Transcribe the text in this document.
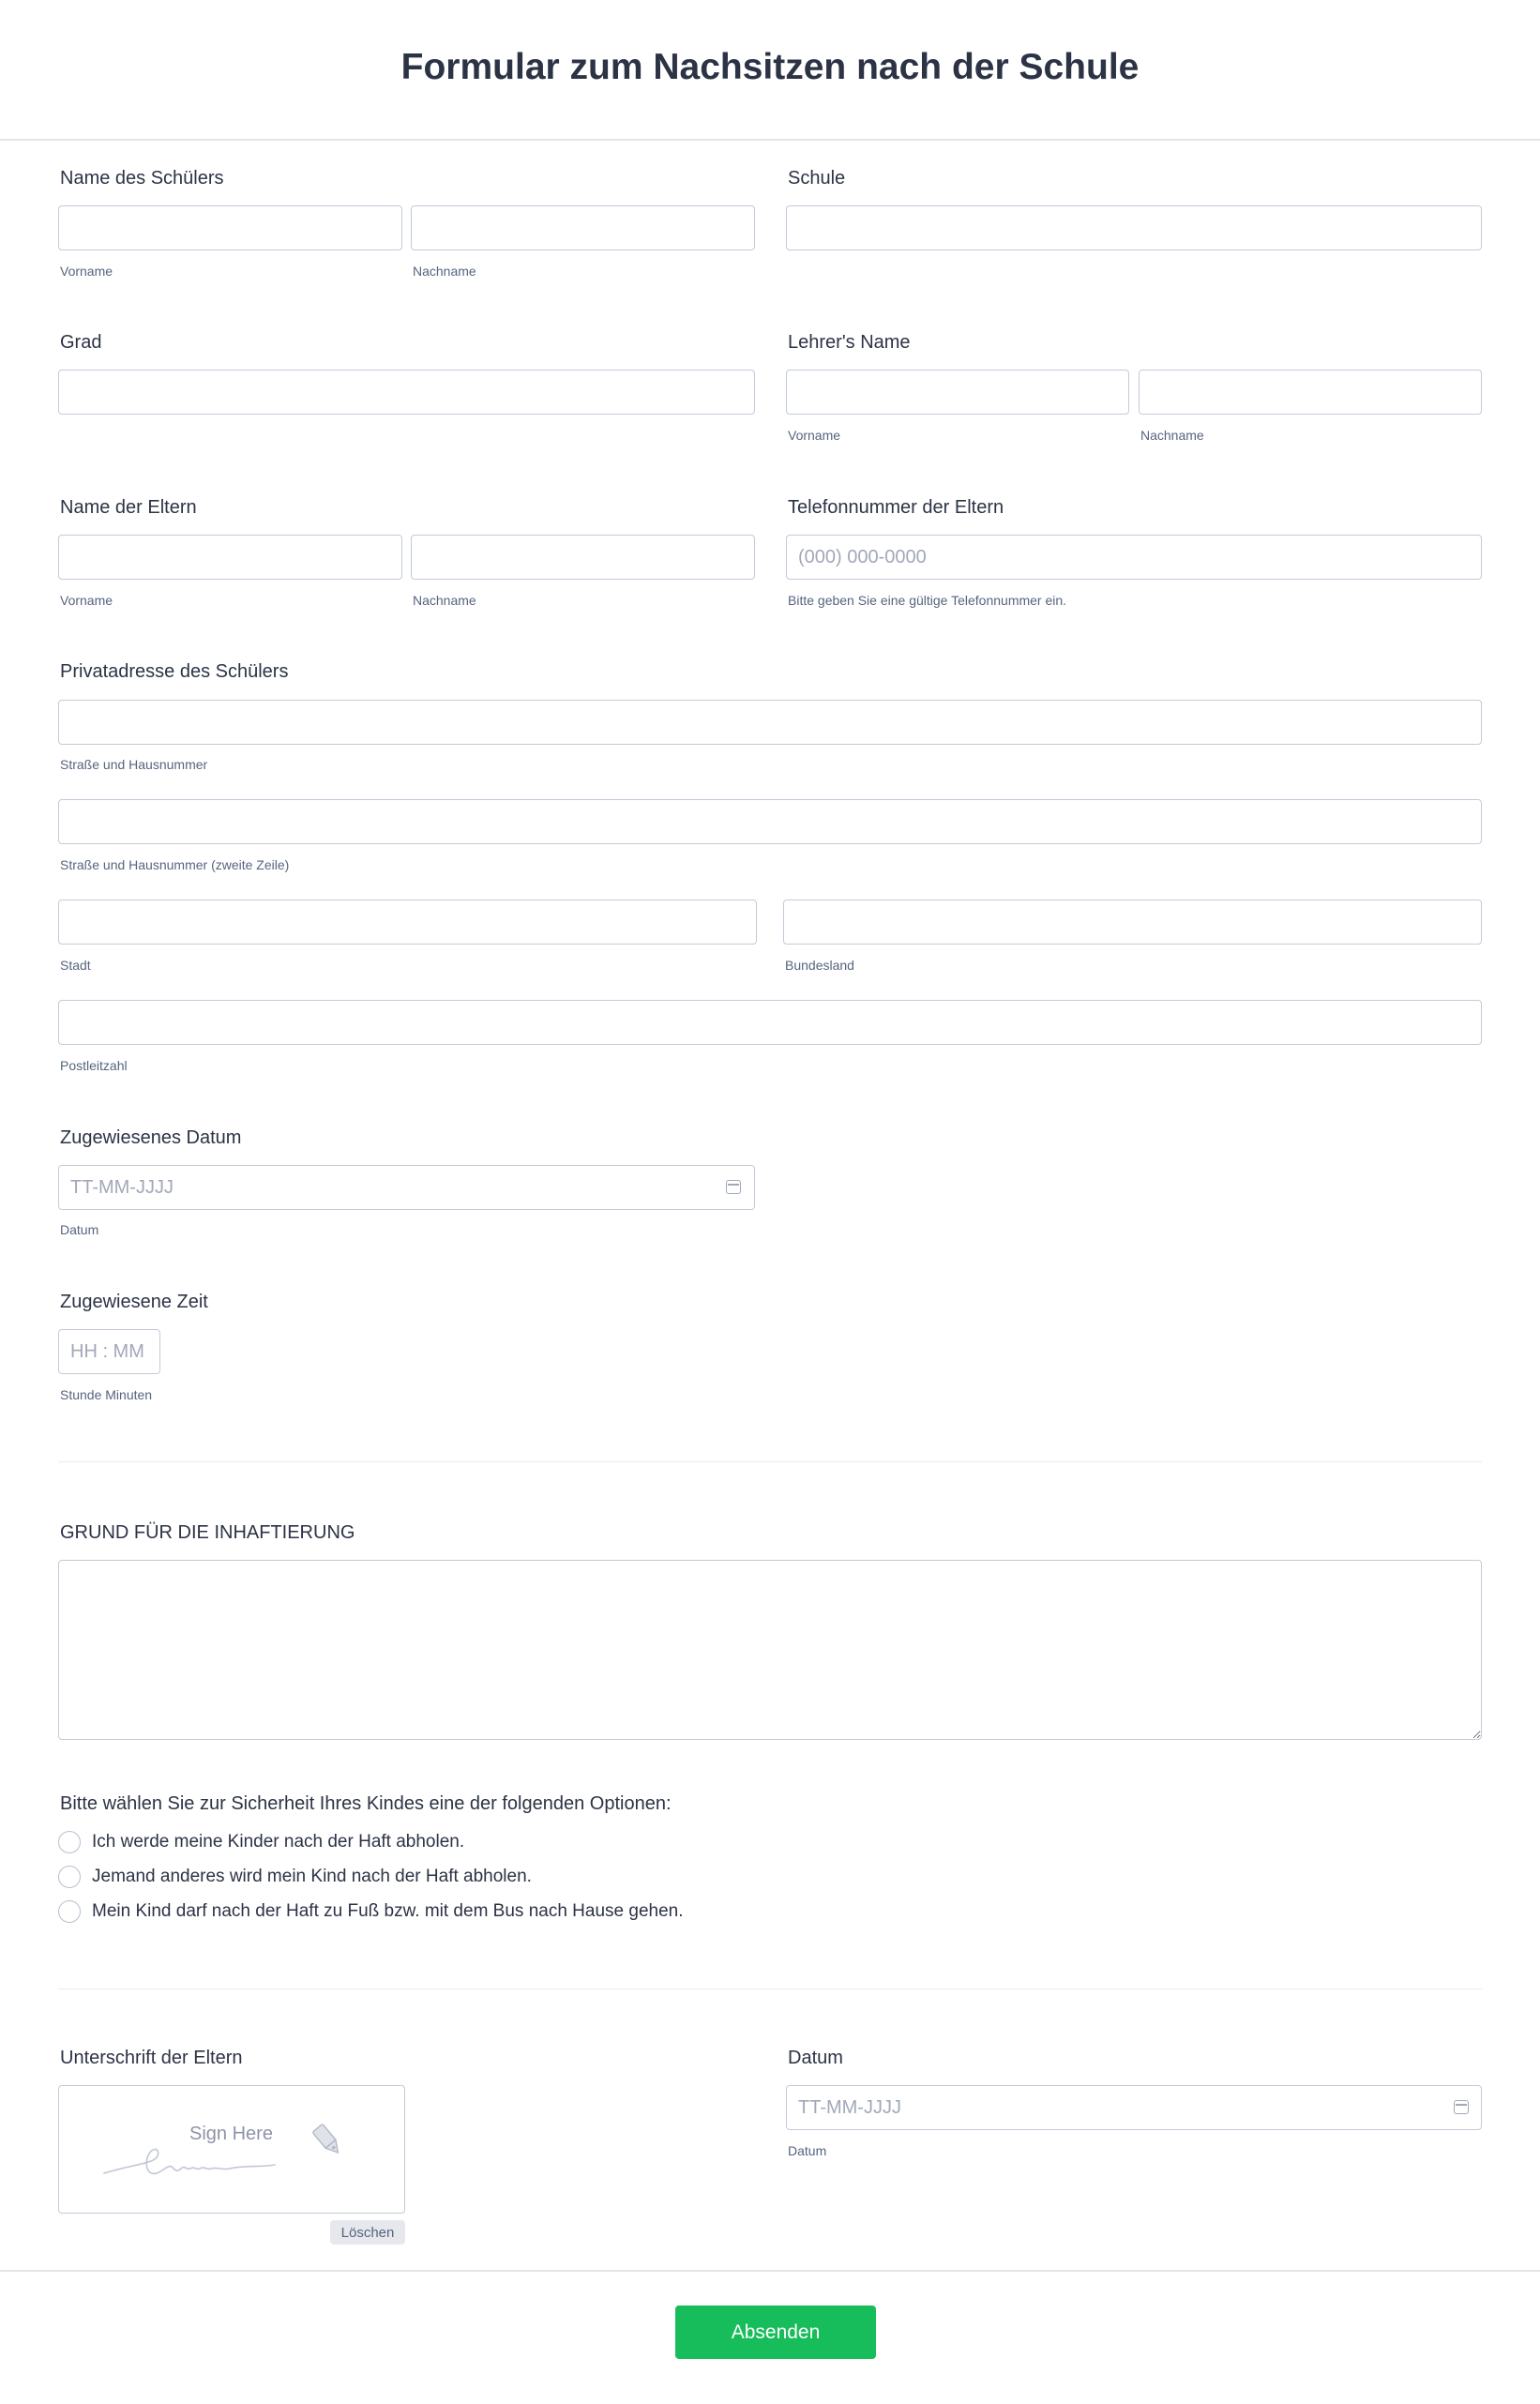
Formular zum Nachsitzen nach der Schule
Name des Schülers
Vorname	Nachname
Schule
Grad	Lehrer's Name
Vorname	Nachname
Name der Eltern
Vorname	Nachname
Telefonnummer der Eltern
(000) 000-0000
Bitte geben Sie eine gültige Telefonnummer ein.
Privatadresse des Schülers
Straße und Hausnummer
Straße und Hausnummer (zweite Zeile)
Stadt	Bundesland
Postleitzahl
Zugewiesenes Datum
TT-MM-JJJJ
Datum
Zugewiesene Zeit
HH : MM
Stunde Minuten
GRUND FÜR DIE INHAFTIERUNG
Bitte wählen Sie zur Sicherheit Ihres Kindes eine der folgenden Optionen:
Ich werde meine Kinder nach der Haft abholen.
Jemand anderes wird mein Kind nach der Haft abholen.
Mein Kind darf nach der Haft zu Fuß bzw. mit dem Bus nach Hause gehen.
Unterschrift der Eltern
Sign Here
Löschen
Datum
TT-MM-JJJJ
Datum
Absenden
